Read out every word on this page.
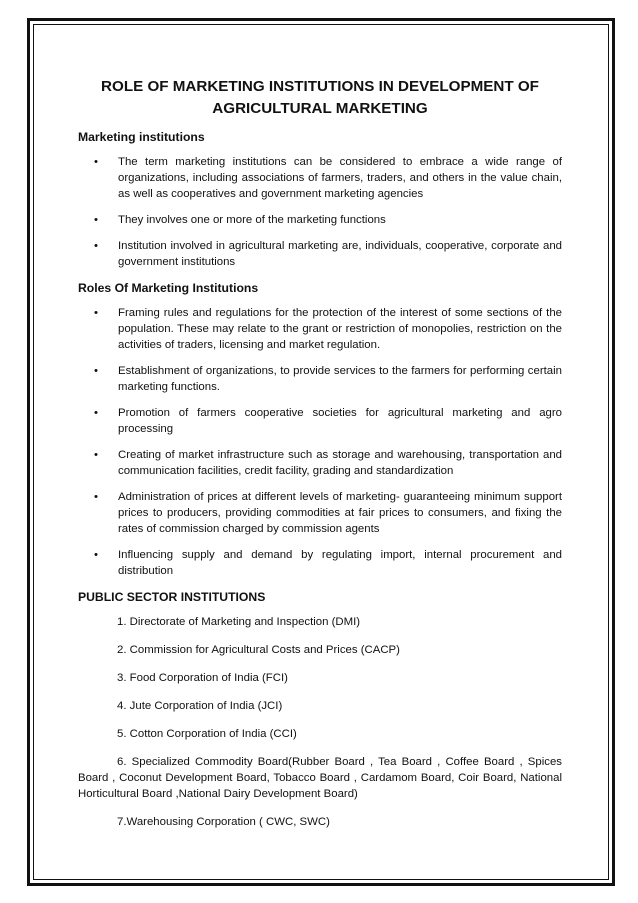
ROLE OF MARKETING INSTITUTIONS IN DEVELOPMENT OF AGRICULTURAL MARKETING
Marketing institutions
• The term marketing institutions can be considered to embrace a wide range of organizations, including associations of farmers, traders, and others in the value chain, as well as cooperatives and government marketing agencies
• They involves one or more of the marketing functions
• Institution involved in agricultural marketing are, individuals, cooperative, corporate and government institutions
Roles Of Marketing Institutions
• Framing rules and regulations for the protection of the interest of some sections of the population. These may relate to the grant or restriction of monopolies, restriction on the activities of traders, licensing and market regulation.
• Establishment of organizations, to provide services to the farmers for performing certain marketing functions.
• Promotion of farmers cooperative societies for agricultural marketing and agro processing
• Creating of market infrastructure such as storage and warehousing, transportation and communication facilities, credit facility, grading and standardization
• Administration of prices at different levels of marketing- guaranteeing minimum support prices to producers, providing commodities at fair prices to consumers, and fixing the rates of commission charged by commission agents
• Influencing supply and demand by regulating import, internal procurement and distribution
PUBLIC SECTOR INSTITUTIONS
1. Directorate of Marketing and Inspection (DMI)
2. Commission for Agricultural Costs and Prices (CACP)
3. Food Corporation of India (FCI)
4. Jute Corporation of India (JCI)
5. Cotton Corporation of India (CCI)
6. Specialized Commodity Board(Rubber Board , Tea Board , Coffee Board , Spices Board , Coconut Development Board, Tobacco Board , Cardamom Board, Coir Board, National Horticultural Board ,National Dairy Development Board)
7.Warehousing Corporation ( CWC, SWC)
